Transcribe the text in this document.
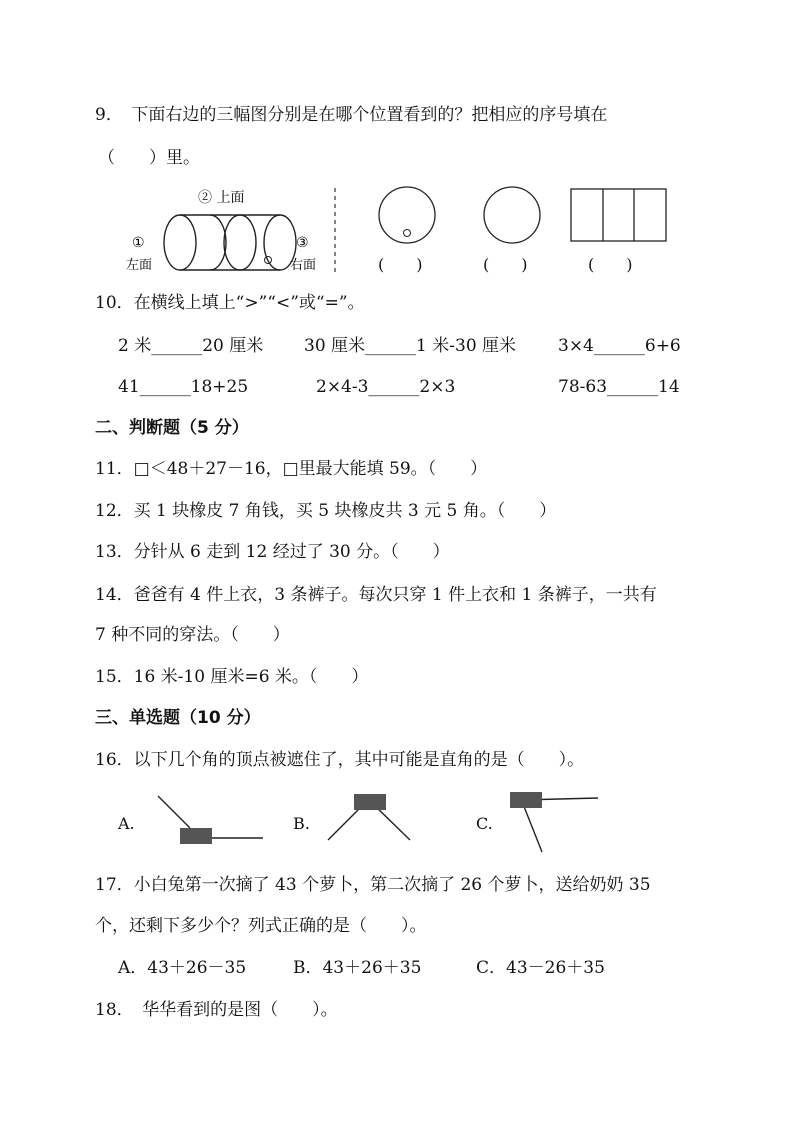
9．　下面右边的三幅图分别是在哪个位置看到的？把相应的序号填在
（　　）里。
② 上面
①
左面
③
右面	(　　)	(　　)	(　　)
10．在横线上填上“>”“<”或“=”。
2 米______20 厘米 30 厘米______1 米-30 厘米 3×4______6+6
41______18+25	2×4-3______2×3	78-63______14
二、判断题（5 分）
11．□＜48＋27－16，□里最大能填 59。（　　）
12．买 1 块橡皮 7 角钱，买 5 块橡皮共 3 元 5 角。（　　）
13．分针从 6 走到 12 经过了 30 分。（　　）
14．爸爸有 4 件上衣，3 条裤子。每次只穿 1 件上衣和 1 条裤子，一共有
7 种不同的穿法。（　　）
15．16 米-10 厘米=6 米。（　　）
三、单选题（10 分）
16．以下几个角的顶点被遮住了，其中可能是直角的是（　　）。
A.	B.	C.
17．小白兔第一次摘了 43 个萝卜，第二次摘了 26 个萝卜，送给奶奶 35
个，还剩下多少个？列式正确的是（　　）。
A．43＋26－35	B．43＋26＋35	C．43－26＋35
18．　华华看到的是图（　　）。
